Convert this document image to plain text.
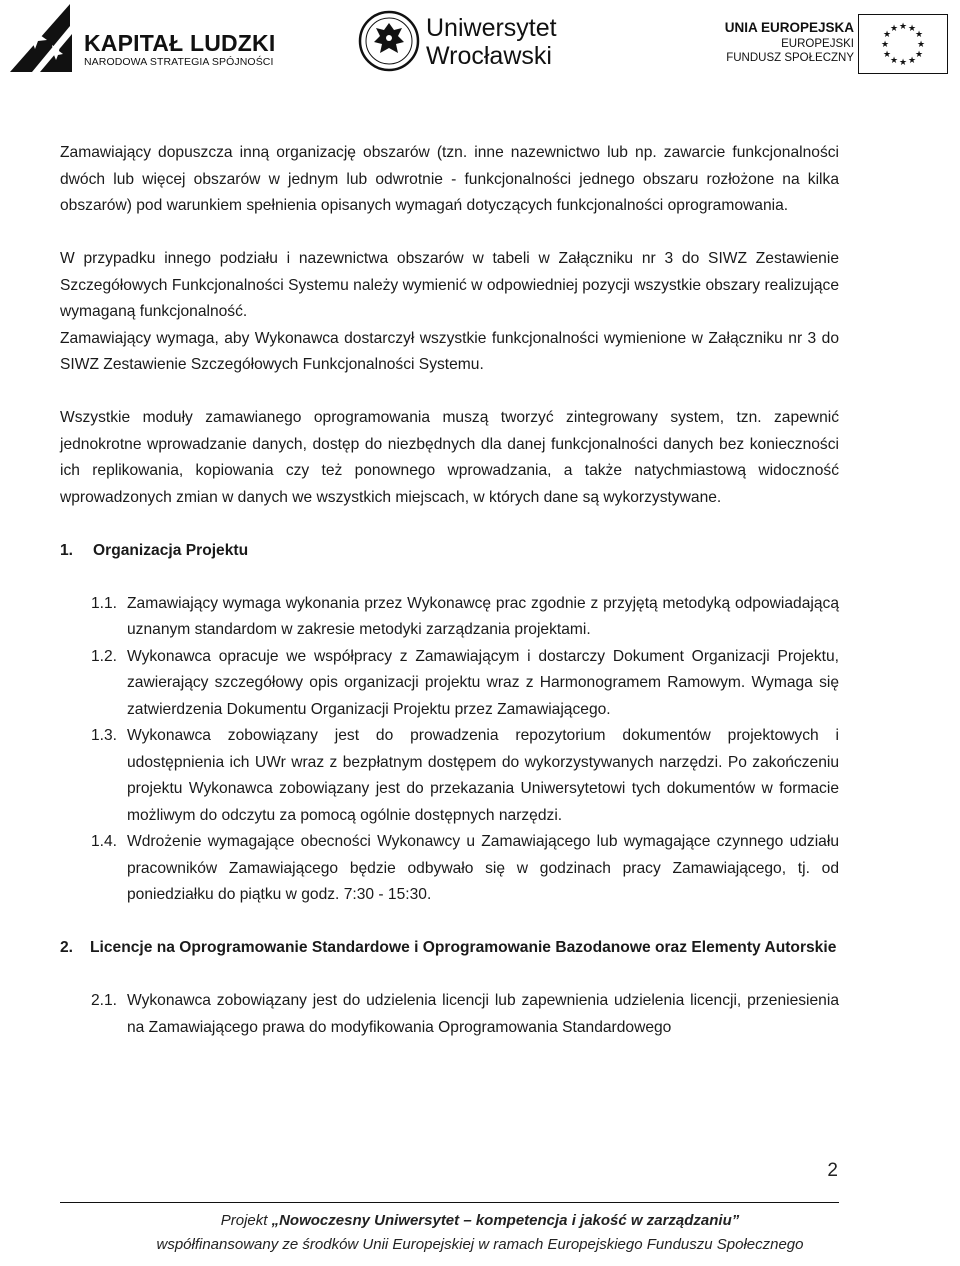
KAPITAŁ LUDZKI
NARODOWA STRATEGIA SPÓJNOŚCI
Uniwersytet
Wrocławski
UNIA EUROPEJSKA
EUROPEJSKI
FUNDUSZ SPOŁECZNY
★ ★
★
★
★
★
★
★
★
★
★
★

Zamawiający dopuszcza inną organizację obszarów (tzn. inne nazewnictwo lub np. zawarcie funkcjonalności dwóch lub więcej obszarów w jednym lub odwrotnie - funkcjonalności jednego obszaru rozłożone na kilka obszarów) pod warunkiem spełnienia opisanych wymagań dotyczących funkcjonalności oprogramowania.

W przypadku innego podziału i nazewnictwa obszarów w tabeli w Załączniku nr 3 do SIWZ Zestawienie Szczegółowych Funkcjonalności Systemu należy wymienić w odpowiedniej pozycji wszystkie obszary realizujące wymaganą funkcjonalność.

Zamawiający wymaga, aby Wykonawca dostarczył wszystkie funkcjonalności wymienione w Załączniku nr 3 do SIWZ Zestawienie Szczegółowych Funkcjonalności Systemu.

Wszystkie moduły zamawianego oprogramowania muszą tworzyć zintegrowany system, tzn. zapewnić jednokrotne wprowadzanie danych, dostęp do niezbędnych dla danej funkcjonalności danych bez konieczności ich replikowania, kopiowania czy też ponownego wprowadzania, a także natychmiastową widoczność wprowadzonych zmian w danych we wszystkich miejscach, w których dane są wykorzystywane.

1. Organizacja Projektu
1.1. Zamawiający wymaga wykonania przez Wykonawcę prac zgodnie z przyjętą metodyką odpowiadającą uznanym standardom w zakresie metodyki zarządzania projektami.
1.2. Wykonawca opracuje we współpracy z Zamawiającym i dostarczy Dokument Organizacji Projektu, zawierający szczegółowy opis organizacji projektu wraz z Harmonogramem Ramowym. Wymaga się zatwierdzenia Dokumentu Organizacji Projektu przez Zamawiającego.
1.3. Wykonawca zobowiązany jest do prowadzenia repozytorium dokumentów projektowych i udostępnienia ich UWr wraz z bezpłatnym dostępem do wykorzystywanych narzędzi. Po zakończeniu projektu Wykonawca zobowiązany jest do przekazania Uniwersytetowi tych dokumentów w formacie możliwym do odczytu za pomocą ogólnie dostępnych narzędzi.
1.4. Wdrożenie wymagające obecności Wykonawcy u Zamawiającego lub wymagające czynnego udziału pracowników Zamawiającego będzie odbywało się w godzinach pracy Zamawiającego, tj. od poniedziałku do piątku w godz. 7:30 - 15:30.
2.	Licencje na Oprogramowanie Standardowe i Oprogramowanie Bazodanowe oraz Elementy Autorskie
2.1. Wykonawca zobowiązany jest do udzielenia licencji lub zapewnienia udzielenia licencji, przeniesienia na Zamawiającego prawa do modyfikowania Oprogramowania Standardowego
2
Projekt „Nowoczesny Uniwersytet – kompetencja i jakość w zarządzaniu”
współfinansowany ze środków Unii Europejskiej w ramach Europejskiego Funduszu Społecznego
